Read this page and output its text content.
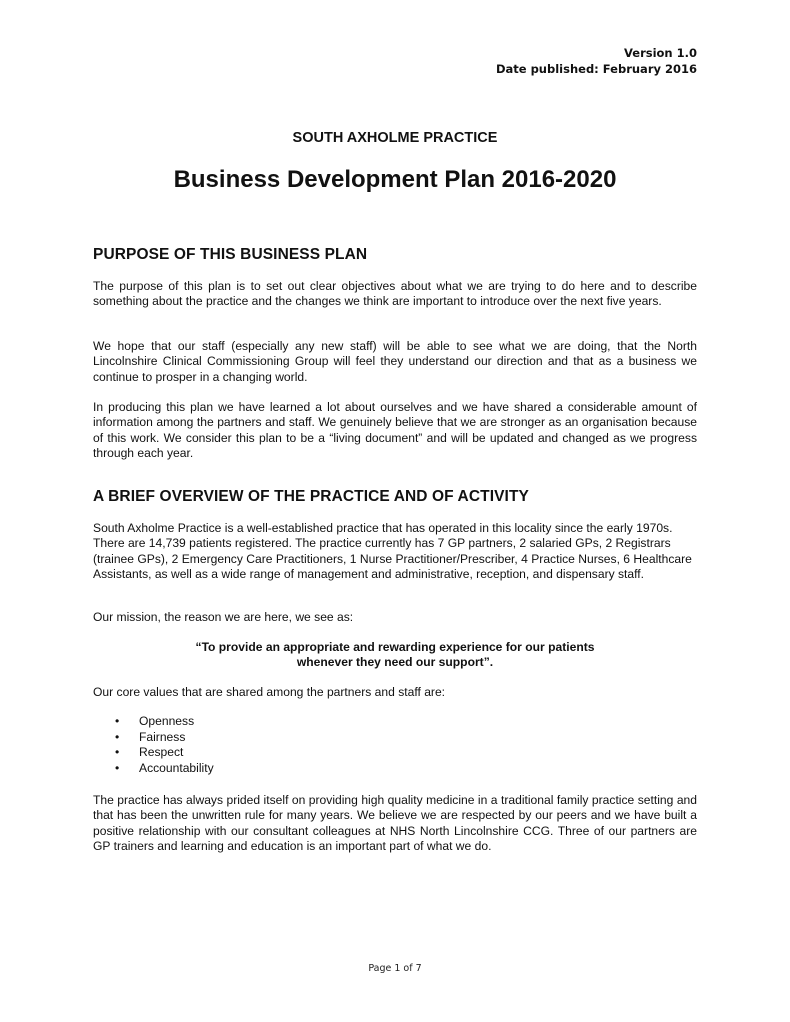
Version 1.0
Date published: February 2016
SOUTH AXHOLME PRACTICE
Business Development Plan 2016-2020
PURPOSE OF THIS BUSINESS PLAN

The purpose of this plan is to set out clear objectives about what we are trying to do here and to describe something about the practice and the changes we think are important to introduce over the next five years.

We hope that our staff (especially any new staff) will be able to see what we are doing, that the North Lincolnshire Clinical Commissioning Group will feel they understand our direction and that as a business we continue to prosper in a changing world.

In producing this plan we have learned a lot about ourselves and we have shared a considerable amount of information among the partners and staff. We genuinely believe that we are stronger as an organisation because of this work. We consider this plan to be a “living document” and will be updated and changed as we progress through each year.

A BRIEF OVERVIEW OF THE PRACTICE AND OF ACTIVITY

South Axholme Practice is a well-established practice that has operated in this locality since the early 1970s. There are 14,739 patients registered. The practice currently has 7 GP partners, 2 salaried GPs, 2 Registrars (trainee GPs), 2 Emergency Care Practitioners, 1 Nurse Practitioner/Prescriber, 4 Practice Nurses, 6 Healthcare Assistants, as well as a wide range of management and administrative, reception, and dispensary staff.

Our mission, the reason we are here, we see as:

“To provide an appropriate and rewarding experience for our patients
whenever they need our support”.

Our core values that are shared among the partners and staff are:

• Openness
• Fairness
• Respect
• Accountability

The practice has always prided itself on providing high quality medicine in a traditional family practice setting and that has been the unwritten rule for many years. We believe we are respected by our peers and we have built a positive relationship with our consultant colleagues at NHS North Lincolnshire CCG. Three of our partners are GP trainers and learning and education is an important part of what we do.

Page 1 of 7
